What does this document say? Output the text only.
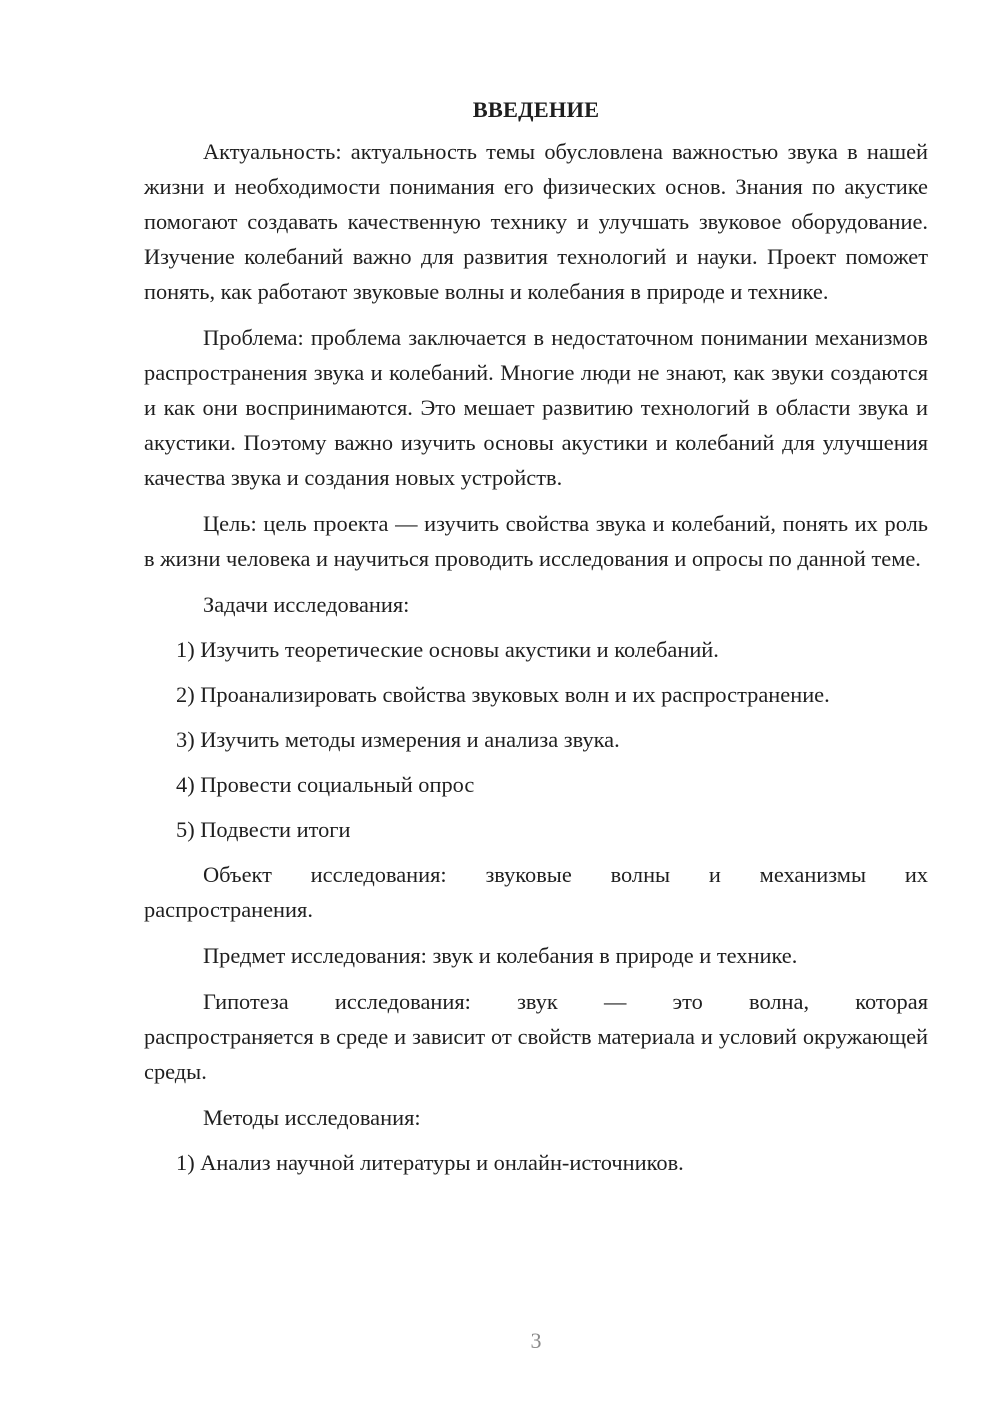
ВВЕДЕНИЕ

Актуальность: актуальность темы обусловлена важностью звука в нашей жизни и необходимости понимания его физических основ. Знания по акустике помогают создавать качественную технику и улучшать звуковое оборудование. Изучение колебаний важно для развития технологий и науки. Проект поможет понять, как работают звуковые волны и колебания в природе и технике.

Проблема: проблема заключается в недостаточном понимании механизмов распространения звука и колебаний. Многие люди не знают, как звуки создаются и как они воспринимаются. Это мешает развитию технологий в области звука и акустики. Поэтому важно изучить основы акустики и колебаний для улучшения качества звука и создания новых устройств.

Цель: цель проекта — изучить свойства звука и колебаний, понять их роль в жизни человека и научиться проводить исследования и опросы по данной теме.

Задачи исследования:

1) Изучить теоретические основы акустики и колебаний.
2) Проанализировать свойства звуковых волн и их распространение.
3) Изучить методы измерения и анализа звука.
4) Провести социальный опрос
5) Подвести итоги
Объект исследования: звуковые волны и механизмы их
распространения.

Предмет исследования: звук и колебания в природе и технике.

Гипотеза исследования: звук — это волна, которая
распространяется в среде и зависит от свойств материала и условий окружающей среды.

Методы исследования:

1) Анализ научной литературы и онлайн-источников.
3
